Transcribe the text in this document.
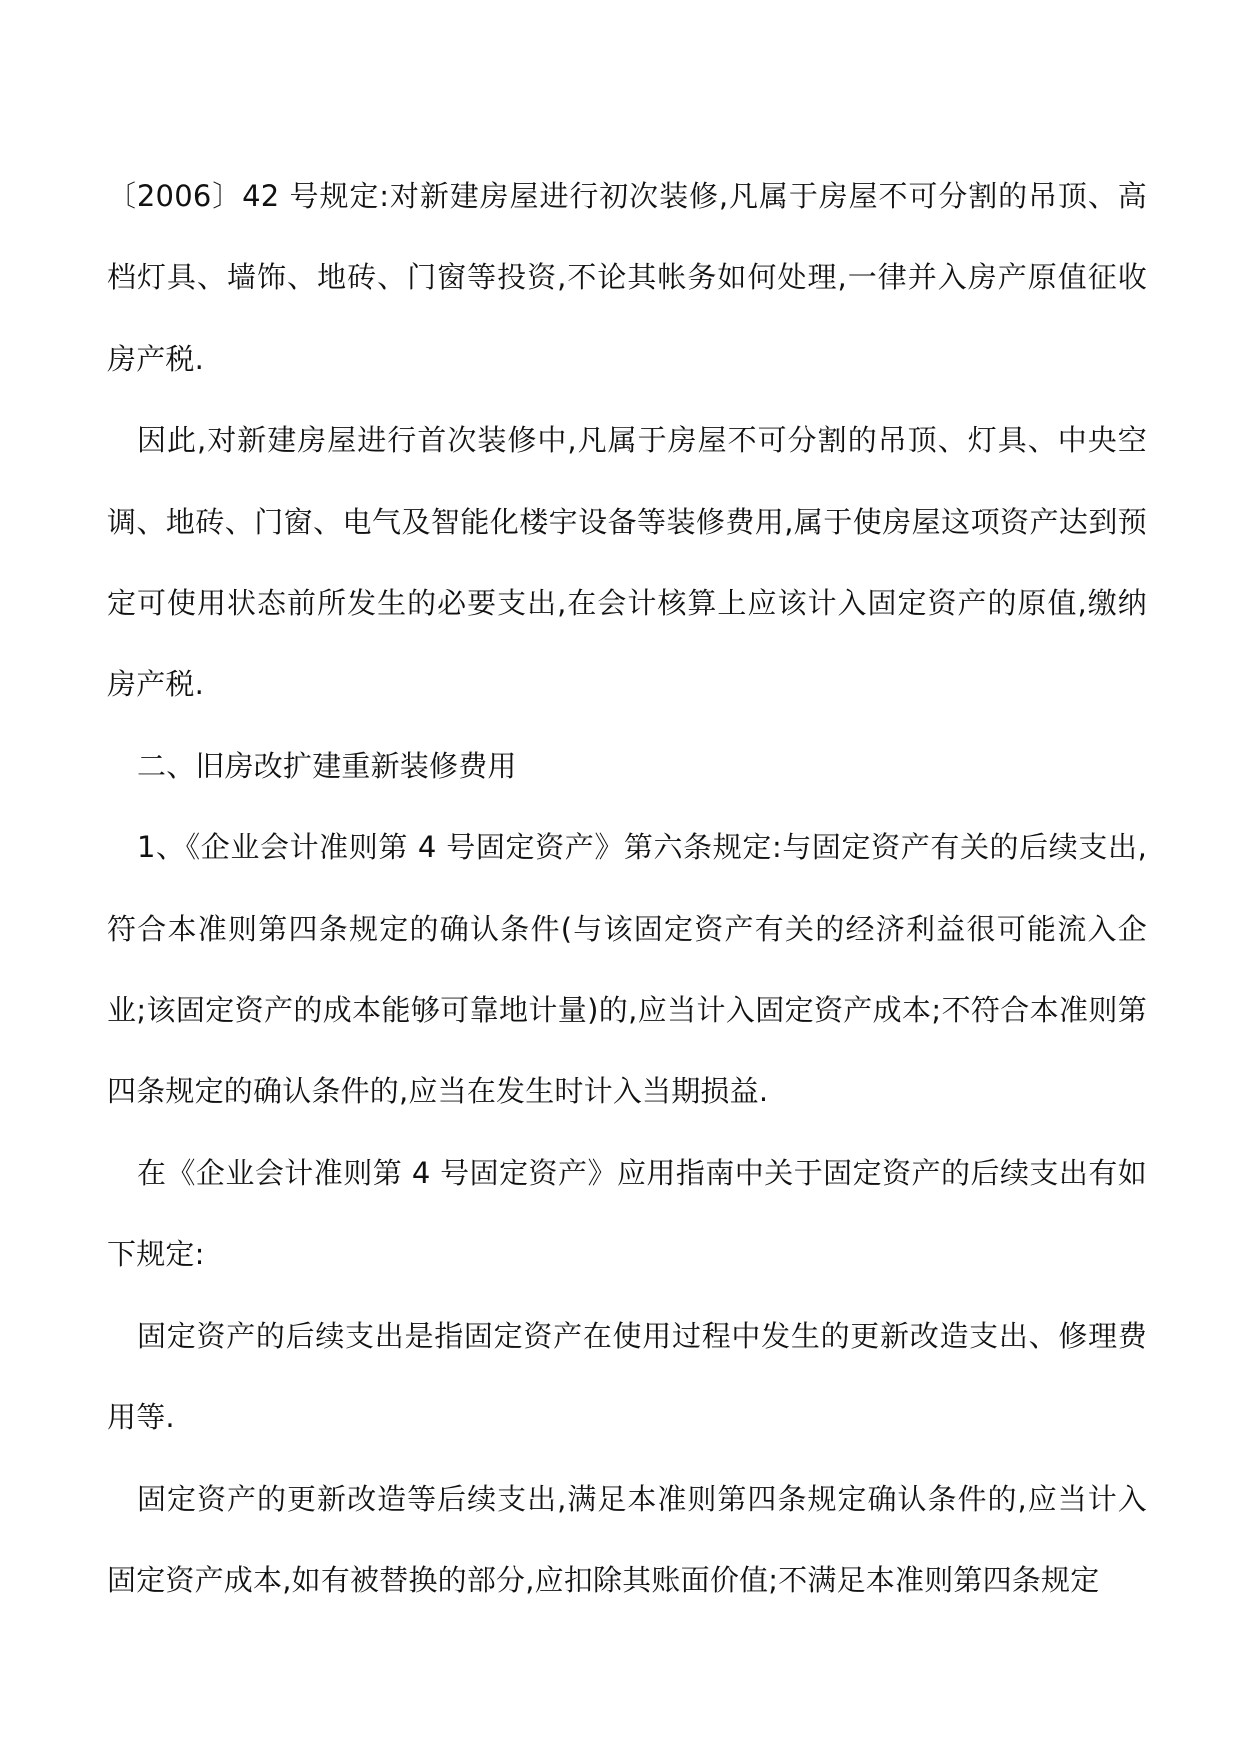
〔2006〕42 号规定:对新建房屋进行初次装修,凡属于房屋不可分割的吊顶、高档灯具、墙饰、地砖、门窗等投资,不论其帐务如何处理,一律并入房产原值征收房产税.

因此,对新建房屋进行首次装修中,凡属于房屋不可分割的吊顶、灯具、中央空调、地砖、门窗、电气及智能化楼宇设备等装修费用,属于使房屋这项资产达到预定可使用状态前所发生的必要支出,在会计核算上应该计入固定资产的原值,缴纳房产税.

二、旧房改扩建重新装修费用

1、《企业会计准则第 4 号固定资产》第六条规定:与固定资产有关的后续支出,符合本准则第四条规定的确认条件(与该固定资产有关的经济利益很可能流入企业;该固定资产的成本能够可靠地计量)的,应当计入固定资产成本;不符合本准则第四条规定的确认条件的,应当在发生时计入当期损益.

在《企业会计准则第 4 号固定资产》应用指南中关于固定资产的后续支出有如下规定:

固定资产的后续支出是指固定资产在使用过程中发生的更新改造支出、修理费用等.

固定资产的更新改造等后续支出,满足本准则第四条规定确认条件的,应当计入固定资产成本,如有被替换的部分,应扣除其账面价值;不满足本准则第四条规定
